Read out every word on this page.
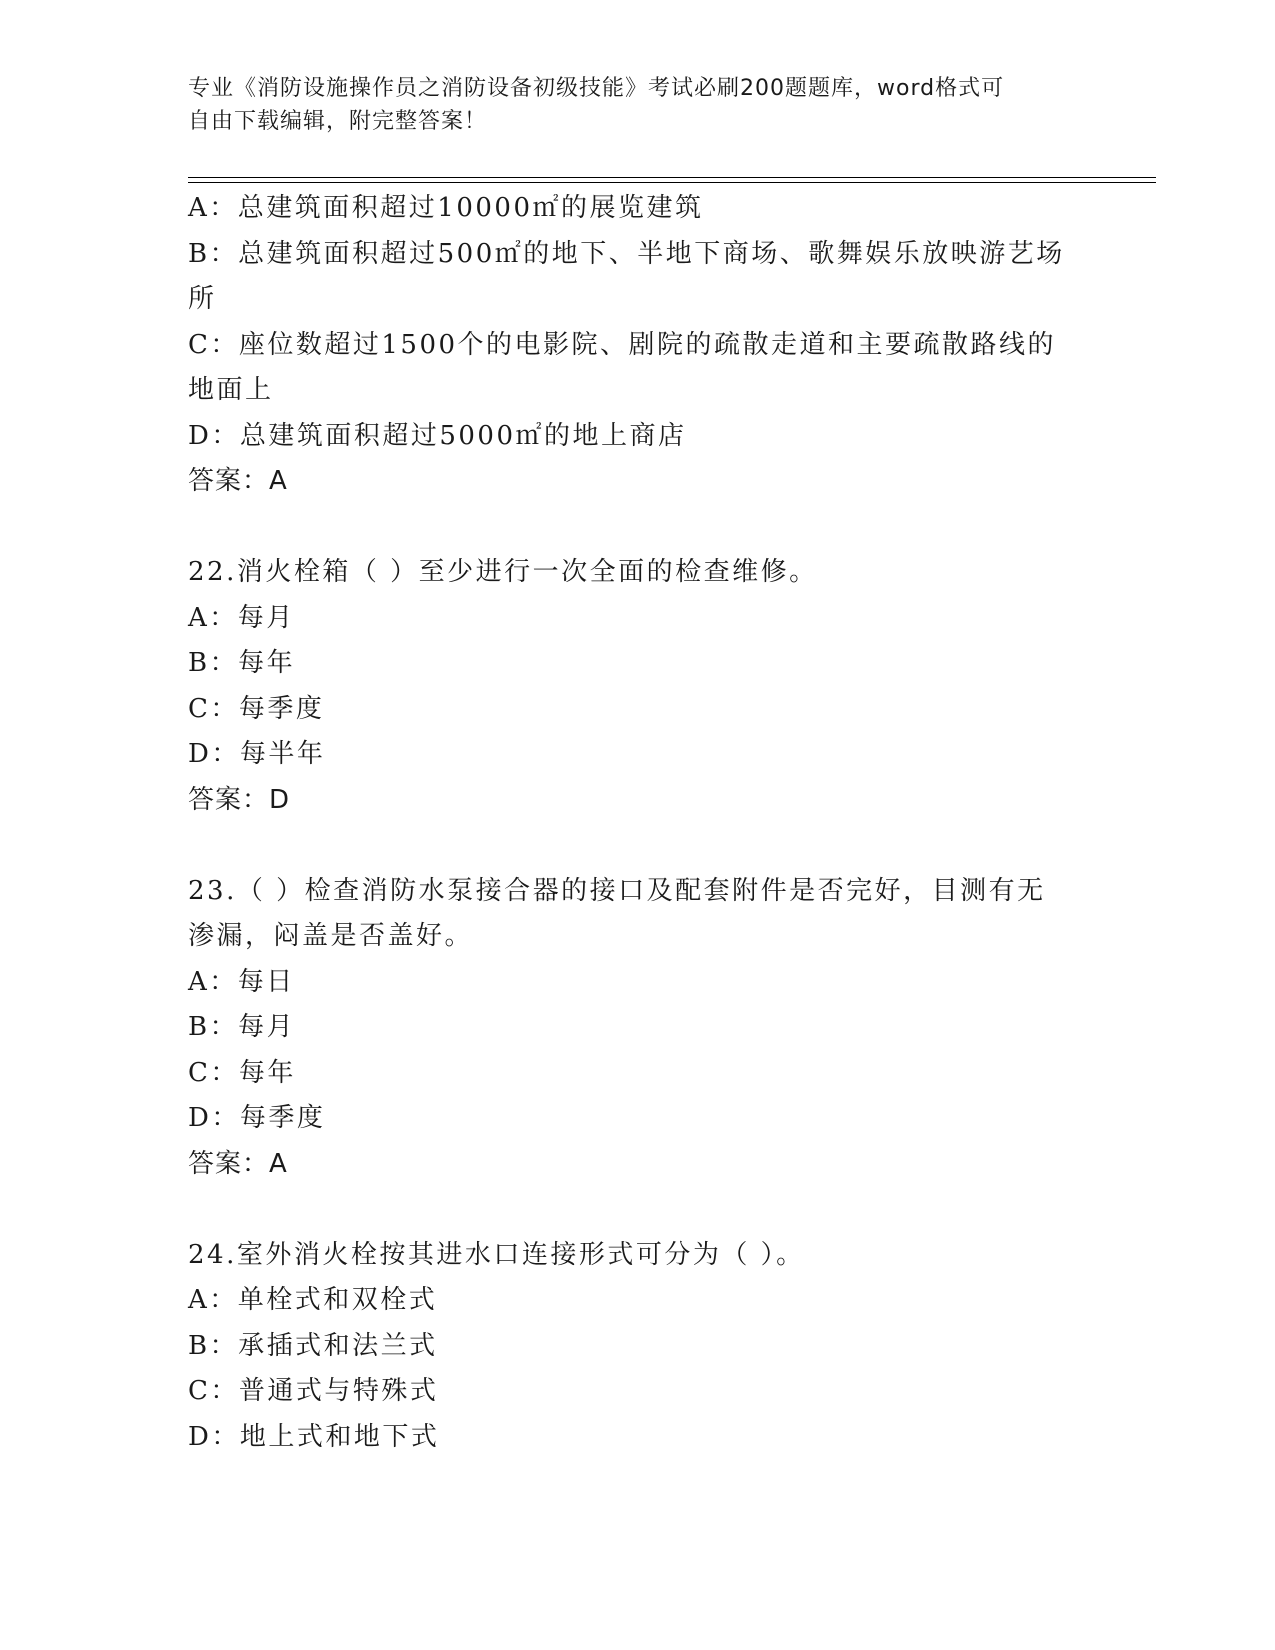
专业《消防设施操作员之消防设备初级技能》考试必刷200题题库，word格式可
自由下载编辑，附完整答案！
A：总建筑面积超过10000㎡的展览建筑
B：总建筑面积超过500㎡的地下、半地下商场、歌舞娱乐放映游艺场
所
C：座位数超过1500个的电影院、剧院的疏散走道和主要疏散路线的
地面上
D：总建筑面积超过5000㎡的地上商店
答案：A
22.消火栓箱（ ）至少进行一次全面的检查维修。
A：每月
B：每年
C：每季度
D：每半年
答案：D
23.（ ）检查消防水泵接合器的接口及配套附件是否完好，目测有无
渗漏，闷盖是否盖好。
A：每日
B：每月
C：每年
D：每季度
答案：A
24.室外消火栓按其进水口连接形式可分为（ ）。
A：单栓式和双栓式
B：承插式和法兰式
C：普通式与特殊式
D：地上式和地下式
